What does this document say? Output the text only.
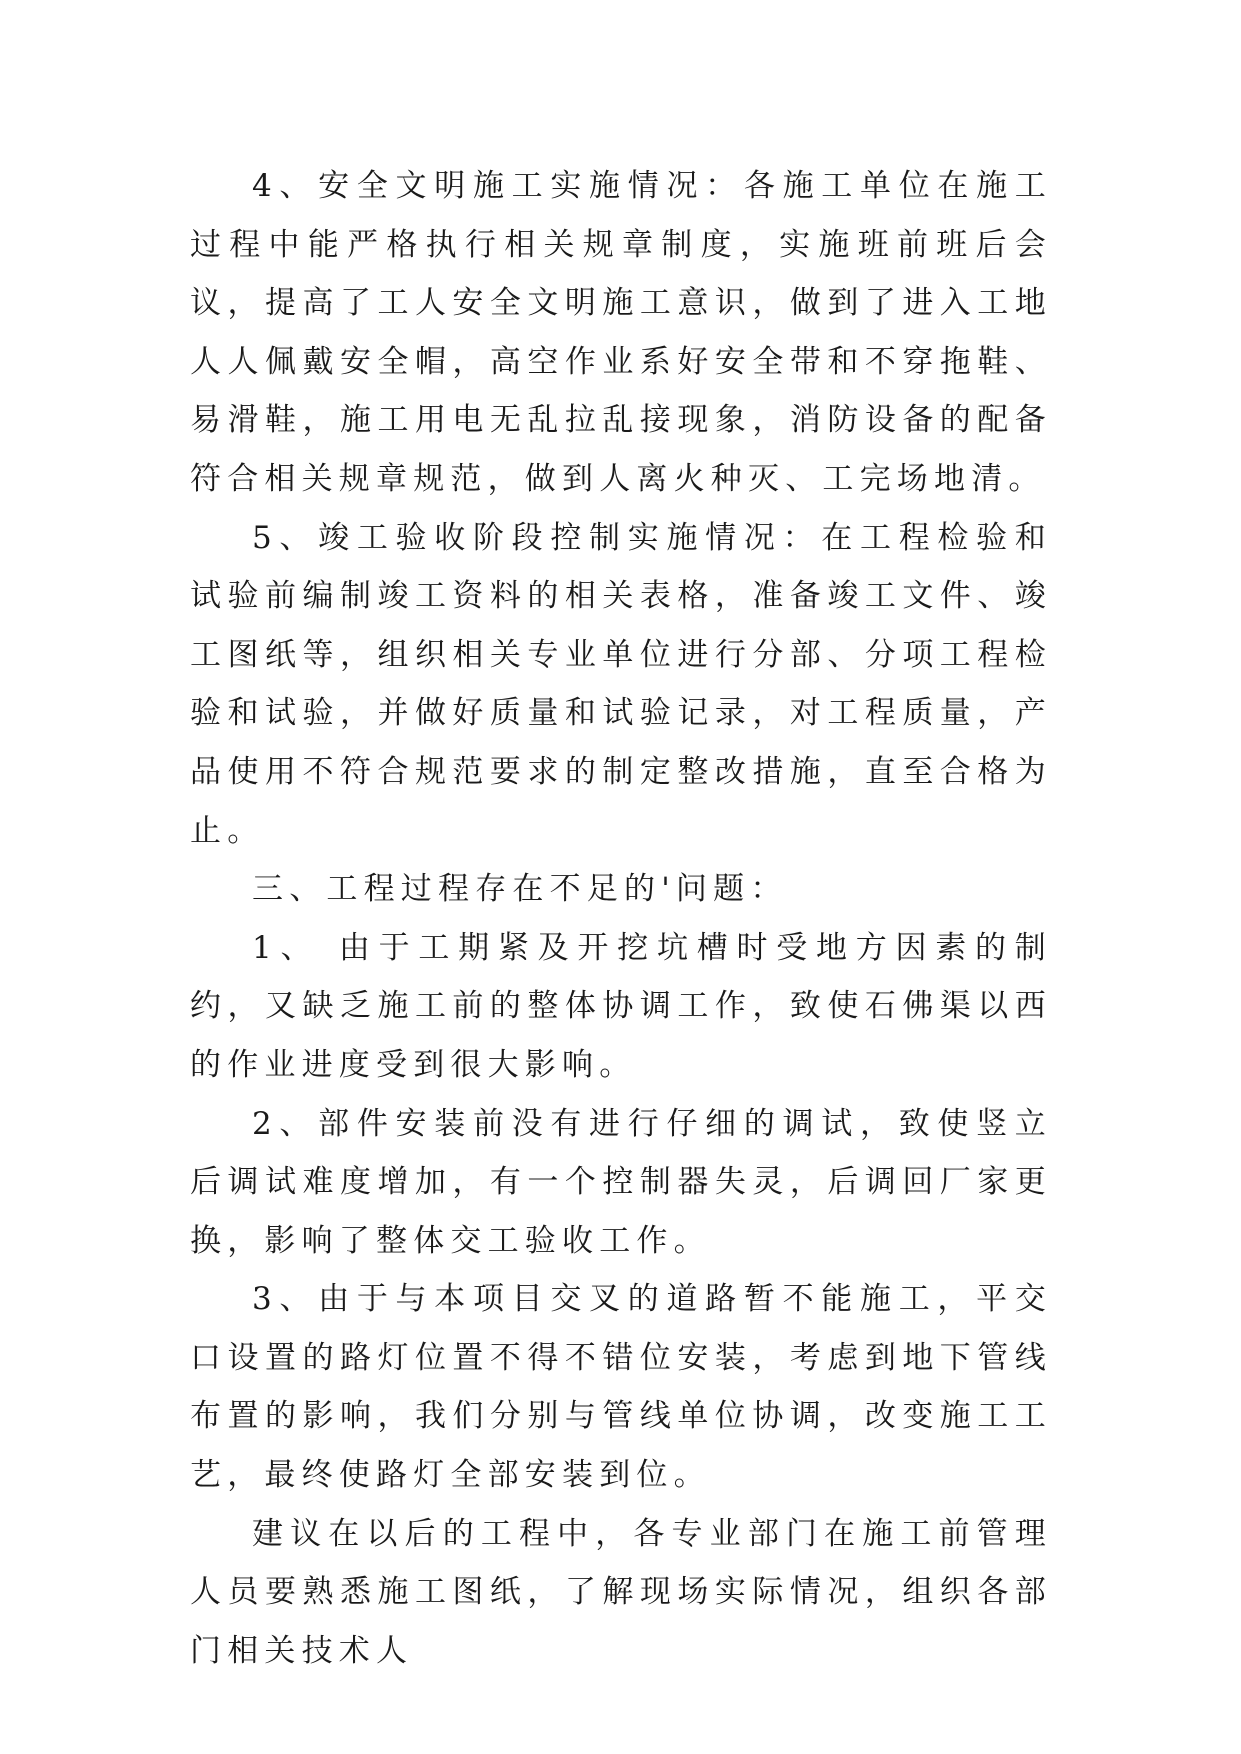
4、安全文明施工实施情况：各施工单位在施工过程中能严格执行相关规章制度，实施班前班后会议，提高了工人安全文明施工意识，做到了进入工地人人佩戴安全帽，高空作业系好安全带和不穿拖鞋、易滑鞋，施工用电无乱拉乱接现象，消防设备的配备符合相关规章规范，做到人离火种灭、工完场地清。

5、竣工验收阶段控制实施情况：在工程检验和试验前编制竣工资料的相关表格，准备竣工文件、竣工图纸等，组织相关专业单位进行分部、分项工程检验和试验，并做好质量和试验记录，对工程质量，产品使用不符合规范要求的制定整改措施，直至合格为止。

三、工程过程存在不足的'问题：

1、 由于工期紧及开挖坑槽时受地方因素的制约，又缺乏施工前的整体协调工作，致使石佛渠以西的作业进度受到很大影响。

2、部件安装前没有进行仔细的调试，致使竖立后调试难度增加，有一个控制器失灵，后调回厂家更换，影响了整体交工验收工作。

3、由于与本项目交叉的道路暂不能施工，平交口设置的路灯位置不得不错位安装，考虑到地下管线布置的影响，我们分别与管线单位协调，改变施工工艺，最终使路灯全部安装到位。

建议在以后的工程中，各专业部门在施工前管理人员要熟悉施工图纸，了解现场实际情况，组织各部门相关技术人
